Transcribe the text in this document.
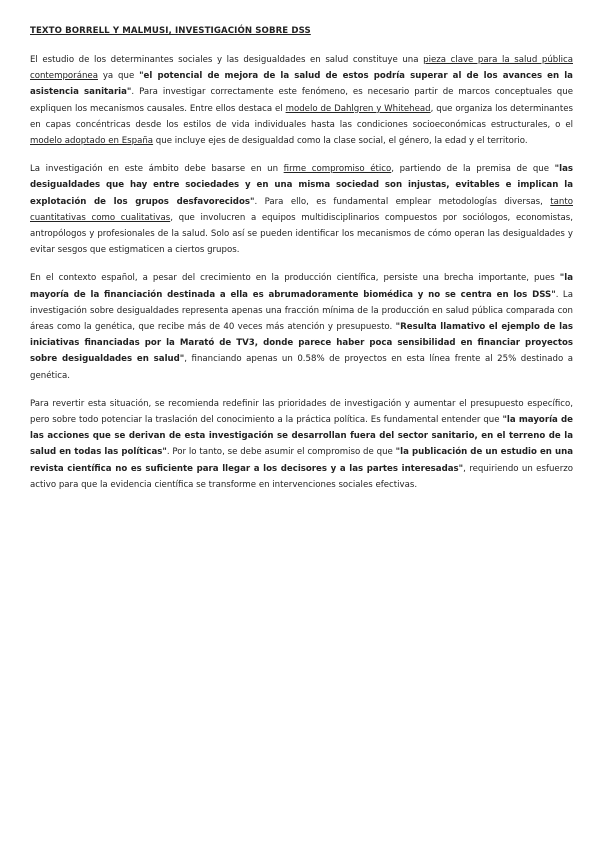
TEXTO BORRELL Y MALMUSI, INVESTIGACIÓN SOBRE DSS

El estudio de los determinantes sociales y las desigualdades en salud constituye una pieza clave para la salud pública contemporánea ya que "el potencial de mejora de la salud de estos podría superar al de los avances en la asistencia sanitaria". Para investigar correctamente este fenómeno, es necesario partir de marcos conceptuales que expliquen los mecanismos causales. Entre ellos destaca el modelo de Dahlgren y Whitehead, que organiza los determinantes en capas concéntricas desde los estilos de vida individuales hasta las condiciones socioeconómicas estructurales, o el modelo adoptado en España que incluye ejes de desigualdad como la clase social, el género, la edad y el territorio.

La investigación en este ámbito debe basarse en un firme compromiso ético, partiendo de la premisa de que "las desigualdades que hay entre sociedades y en una misma sociedad son injustas, evitables e implican la explotación de los grupos desfavorecidos". Para ello, es fundamental emplear metodologías diversas, tanto cuantitativas como cualitativas, que involucren a equipos multidisciplinarios compuestos por sociólogos, economistas, antropólogos y profesionales de la salud. Solo así se pueden identificar los mecanismos de cómo operan las desigualdades y evitar sesgos que estigmaticen a ciertos grupos.

En el contexto español, a pesar del crecimiento en la producción científica, persiste una brecha importante, pues "la mayoría de la financiación destinada a ella es abrumadoramente biomédica y no se centra en los DSS". La investigación sobre desigualdades representa apenas una fracción mínima de la producción en salud pública comparada con áreas como la genética, que recibe más de 40 veces más atención y presupuesto. "Resulta llamativo el ejemplo de las iniciativas financiadas por la Marató de TV3, donde parece haber poca sensibilidad en financiar proyectos sobre desigualdades en salud", financiando apenas un 0.58% de proyectos en esta línea frente al 25% destinado a genética.

Para revertir esta situación, se recomienda redefinir las prioridades de investigación y aumentar el presupuesto específico, pero sobre todo potenciar la traslación del conocimiento a la práctica política. Es fundamental entender que "la mayoría de las acciones que se derivan de esta investigación se desarrollan fuera del sector sanitario, en el terreno de la salud en todas las políticas". Por lo tanto, se debe asumir el compromiso de que "la publicación de un estudio en una revista científica no es suficiente para llegar a los decisores y a las partes interesadas", requiriendo un esfuerzo activo para que la evidencia científica se transforme en intervenciones sociales efectivas.
